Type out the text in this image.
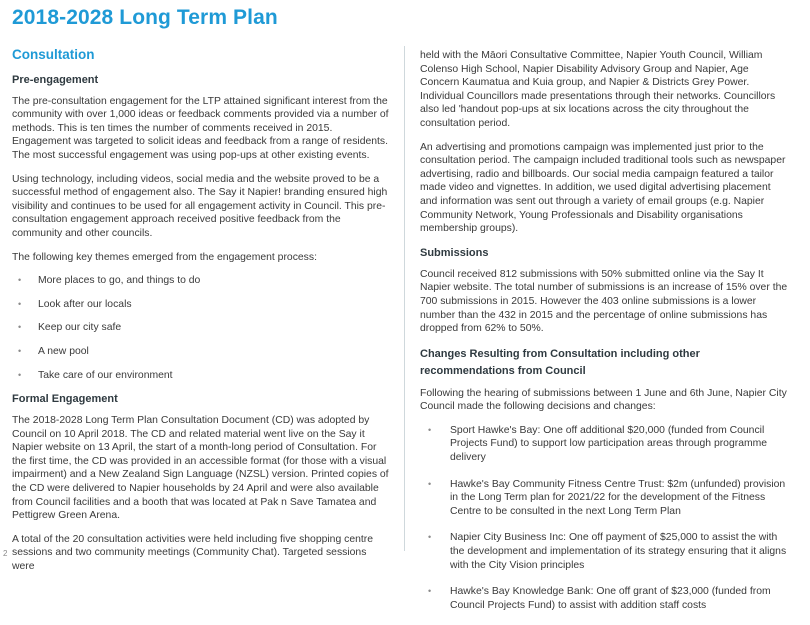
2018-2028 Long Term Plan
Consultation
Pre-engagement

The pre-consultation engagement for the LTP attained significant interest from the community with over 1,000 ideas or feedback comments provided via a number of methods. This is ten times the number of comments received in 2015. Engagement was targeted to solicit ideas and feedback from a range of residents. The most successful engagement was using pop-ups at other existing events.

Using technology, including videos, social media and the website proved to be a successful method of engagement also. The Say it Napier! branding ensured high visibility and continues to be used for all engagement activity in Council. This pre-consultation engagement approach received positive feedback from the community and other councils.

The following key themes emerged from the engagement process:

• More places to go, and things to do
• Look after our locals
• Keep our city safe
• A new pool
• Take care of our environment
Formal Engagement

The 2018-2028 Long Term Plan Consultation Document (CD) was adopted by Council on 10 April 2018. The CD and related material went live on the Say it Napier website on 13 April, the start of a month-long period of Consultation. For the first time, the CD was provided in an accessible format (for those with a visual impairment) and a New Zealand Sign Language (NZSL) version. Printed copies of the CD were delivered to Napier households by 24 April and were also available from Council facilities and a booth that was located at Pak n Save Tamatea and Pettigrew Green Arena.

A total of the 20 consultation activities were held including five shopping centre sessions and two community meetings (Community Chat). Targeted sessions were

held with the Māori Consultative Committee, Napier Youth Council, William Colenso High School, Napier Disability Advisory Group and Napier, Age Concern Kaumatua and Kuia group, and Napier & Districts Grey Power. Individual Councillors made presentations through their networks. Councillors also led 'handout pop-ups at six locations across the city throughout the consultation period.

An advertising and promotions campaign was implemented just prior to the consultation period. The campaign included traditional tools such as newspaper advertising, radio and billboards. Our social media campaign featured a tailor made video and vignettes. In addition, we used digital advertising placement and information was sent out through a variety of email groups (e.g. Napier Community Network, Young Professionals and Disability organisations membership groups).

Submissions

Council received 812 submissions with 50% submitted online via the Say It Napier website. The total number of submissions is an increase of 15% over the 700 submissions in 2015. However the 403 online submissions is a lower number than the 432 in 2015 and the percentage of online submissions has dropped from 62% to 50%.

Changes Resulting from Consultation including other recommendations from Council

Following the hearing of submissions between 1 June and 6th June, Napier City Council made the following decisions and changes:

• Sport Hawke's Bay: One off additional $20,000 (funded from Council Projects Fund) to support low participation areas through programme delivery
• Hawke's Bay Community Fitness Centre Trust: $2m (unfunded) provision in the Long Term plan for 2021/22 for the development of the Fitness Centre to be consulted in the next Long Term Plan
• Napier City Business Inc: One off payment of $25,000 to assist the with the development and implementation of its strategy ensuring that it aligns with the City Vision principles
• Hawke's Bay Knowledge Bank: One off grant of $23,000 (funded from Council Projects Fund) to assist with addition staff costs
2
